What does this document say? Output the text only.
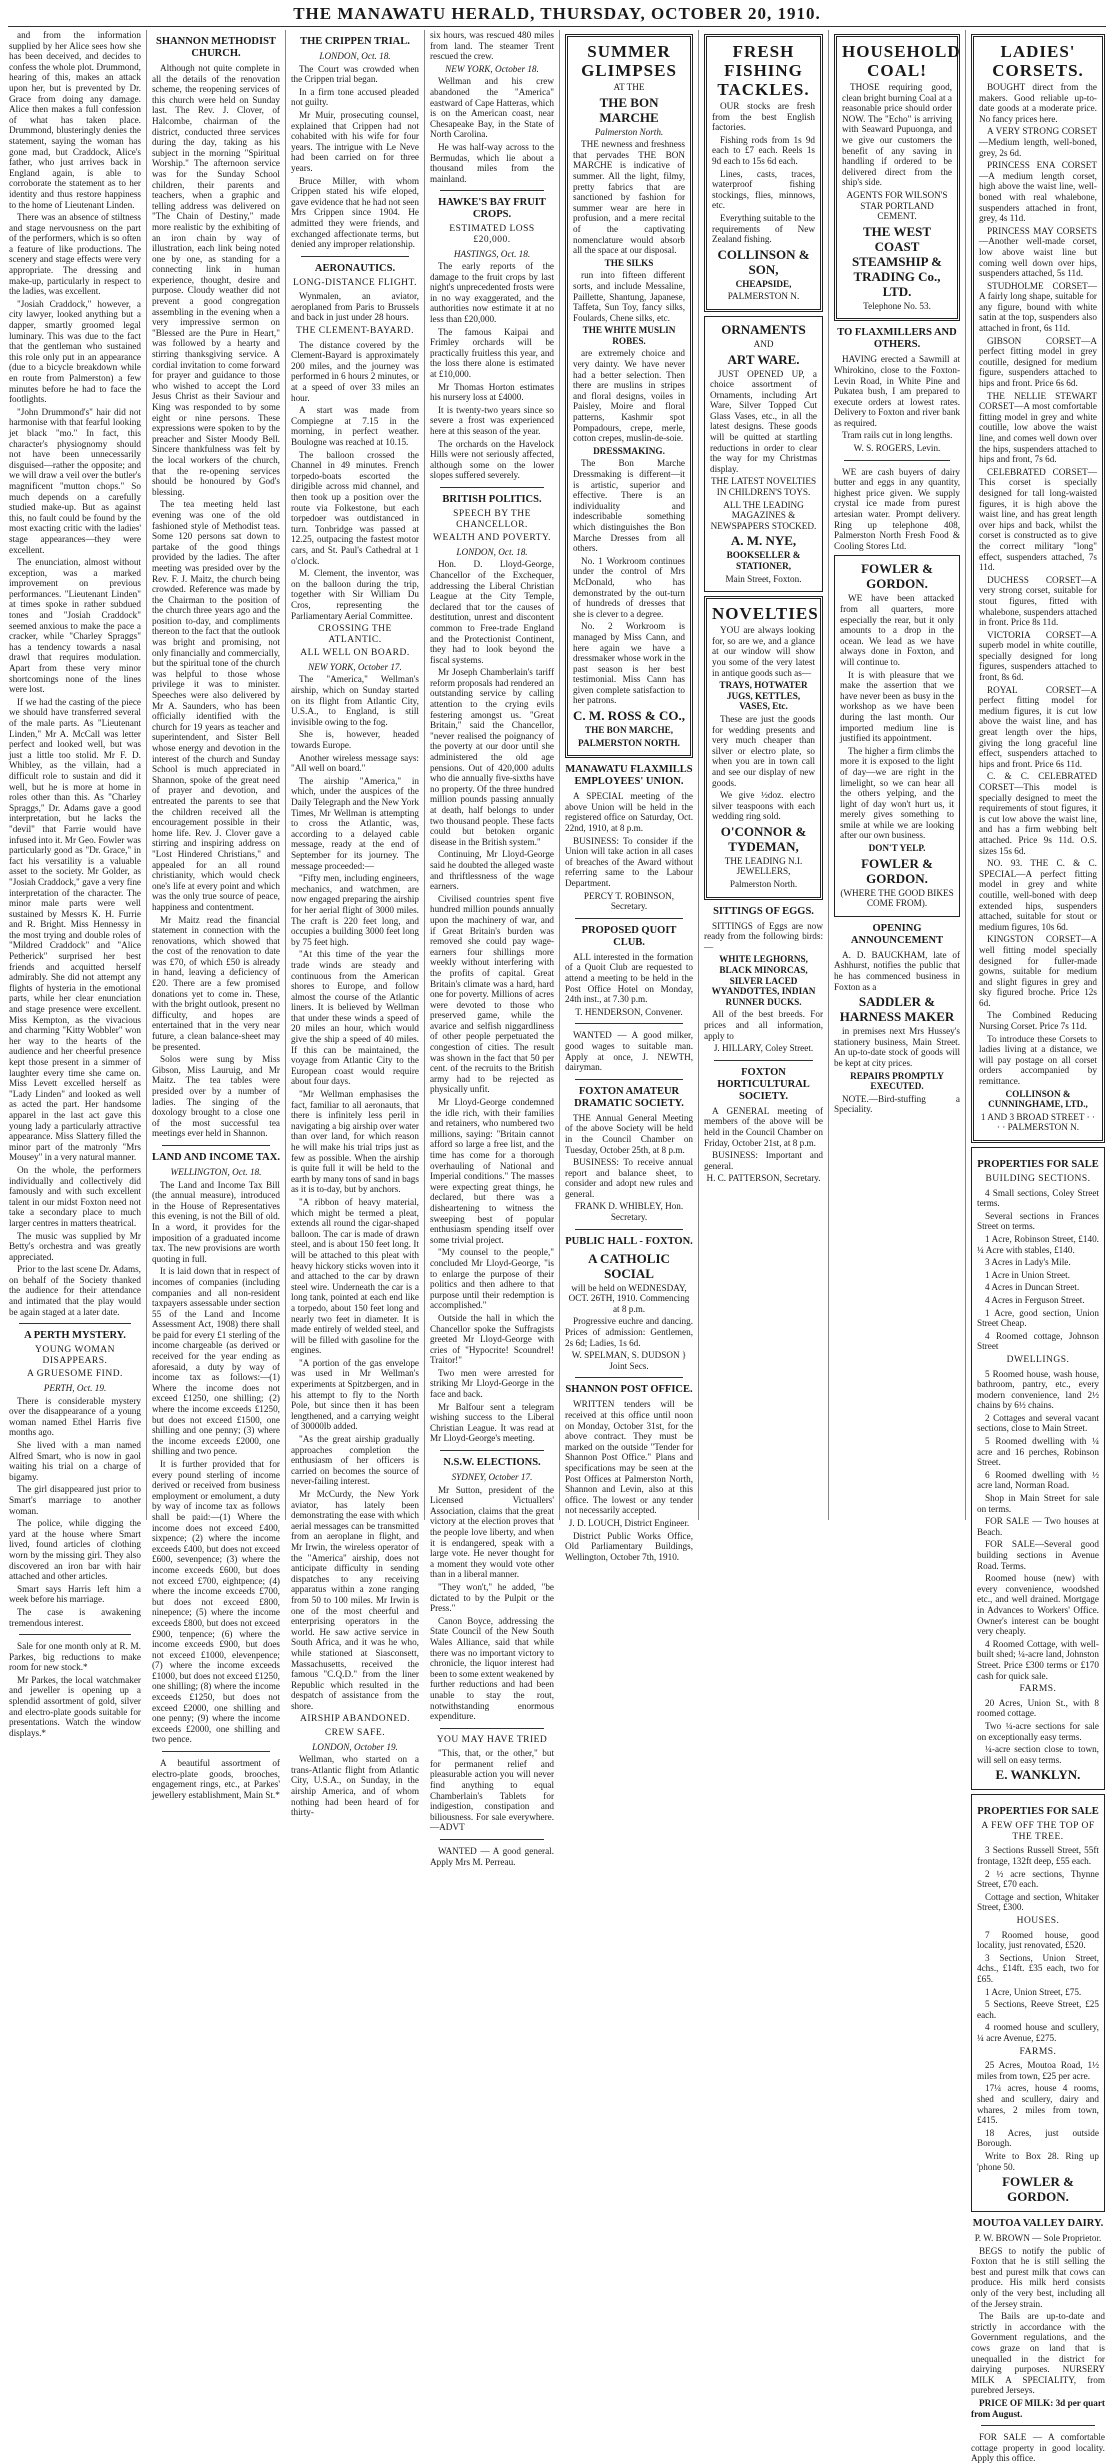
THE MANAWATU HERALD, THURSDAY, OCTOBER 20, 1910.

and from the information supplied by her Alice sees how she has been deceived, and decides to confess the whole plot. Drummond, hearing of this, makes an attack upon her, but is prevented by Dr. Grace from doing any damage. Alice then makes a full confession of what has taken place. Drummond, blusteringly denies the statement, saying the woman has gone mad, but Craddock, Alice's father, who just arrives back in England again, is able to corroborate the statement as to her identity and thus restore happiness to the home of Lieutenant Linden.

There was an absence of stiltness and stage nervousness on the part of the performers, which is so often a feature of like productions. The scenery and stage effects were very appropriate. The dressing and make-up, particularly in respect to the ladies, was excellent.

"Josiah Craddock," however, a city lawyer, looked anything but a dapper, smartly groomed legal luminary. This was due to the fact that the gentleman who sustained this role only put in an appearance (due to a bicycle breakdown while en route from Palmerston) a few minutes before he had to face the footlights.

"John Drummond's" hair did not harmonise with that fearful looking jet black "mo." In fact, this character's physiognomy should not have been unnecessarily disguised—rather the opposite; and we will draw a veil over the butler's magnificent "mutton chops." So much depends on a carefully studied make-up. But as against this, no fault could be found by the most exacting critic with the ladies' stage appearances—they were excellent.

The enunciation, almost without exception, was a marked improvement on previous performances. "Lieutenant Linden" at times spoke in rather subdued tones and "Josiah Craddock" seemed anxious to make the pace a cracker, while "Charley Spraggs" has a tendency towards a nasal drawl that requires modulation. Apart from these very minor shortcomings none of the lines were lost.

If we had the casting of the piece we should have transferred several of the male parts. As "Lieutenant Linden," Mr A. McCall was letter perfect and looked well, but was just a little too stolid. Mr F. D. Whibley, as the villain, had a difficult role to sustain and did it well, but he is more at home in roles other than this. As "Charley Spraggs," Dr. Adams gave a good interpretation, but he lacks the "devil" that Farrie would have infused into it. Mr Geo. Fowler was particularly good as "Dr. Grace," in fact his versatility is a valuable asset to the society. Mr Golder, as "Josiah Craddock," gave a very fine interpretation of the character. The minor male parts were well sustained by Messrs K. H. Furrie and R. Bright. Miss Hennessy in the most trying and double roles of "Mildred Craddock" and "Alice Petherick" surprised her best friends and acquitted herself admirably. She did not attempt any flights of hysteria in the emotional parts, while her clear enunciation and stage presence were excellent. Miss Kempton, as the vivacious and charming "Kitty Wobbler" won her way to the hearts of the audience and her cheerful presence kept those present in a simmer of laughter every time she came on. Miss Levett excelled herself as "Lady Linden" and looked as well as acted the part. Her handsome apparel in the last act gave this young lady a particularly attractive appearance. Miss Slattery filled the minor part of the matronly "Mrs Mousey" in a very natural manner.

On the whole, the performers individually and collectively did famously and with such excellent talent in our midst Foxton need not take a secondary place to much larger centres in matters theatrical.

The music was supplied by Mr Betty's orchestra and was greatly appreciated.

Prior to the last scene Dr. Adams, on behalf of the Society thanked the audience for their attendance and intimated that the play would be again staged at a later date.

A PERTH MYSTERY.

YOUNG WOMAN DISAPPEARS.

A GRUESOME FIND.

PERTH, Oct. 19.

There is considerable mystery over the disappearance of a young woman named Ethel Harris five months ago.

She lived with a man named Alfred Smart, who is now in gaol waiting his trial on a charge of bigamy.

The girl disappeared just prior to Smart's marriage to another woman.

The police, while digging the yard at the house where Smart lived, found articles of clothing worn by the missing girl. They also discovered an iron bar with hair attached and other articles.

Smart says Harris left him a week before his marriage.

The case is awakening tremendous interest.

Sale for one month only at R. M. Parkes, big reductions to make room for new stock.*

Mr Parkes, the local watchmaker and jeweller is opening up a splendid assortment of gold, silver and electro-plate goods suitable for presentations. Watch the window displays.*

SHANNON METHODIST CHURCH.

Although not quite complete in all the details of the renovation scheme, the reopening services of this church were held on Sunday last. The Rev. J. Clover, of Halcombe, chairman of the district, conducted three services during the day, taking as his subject in the morning "Spiritual Worship." The afternoon service was for the Sunday School children, their parents and teachers, when a graphic and telling address was delivered on "The Chain of Destiny," made more realistic by the exhibiting of an iron chain by way of illustration, each link being noted one by one, as standing for a connecting link in human experience, thought, desire and purpose. Cloudy weather did not prevent a good congregation assembling in the evening when a very impressive sermon on "Blessed are the Pure in Heart," was followed by a hearty and stirring thanksgiving service. A cordial invitation to come forward for prayer and guidance to those who wished to accept the Lord Jesus Christ as their Saviour and King was responded to by some eight or nine persons. These expressions were spoken to by the preacher and Sister Moody Bell. Sincere thankfulness was felt by the local workers of the church, that the re-opening services should be honoured by God's blessing.

The tea meeting held last evening was one of the old fashioned style of Methodist teas. Some 120 persons sat down to partake of the good things provided by the ladies. The after meeting was presided over by the Rev. F. J. Maitz, the church being crowded. Reference was made by the Chairman to the position of the church three years ago and the position to-day, and compliments thereon to the fact that the outlook was bright and promising, not only financially and commercially, but the spiritual tone of the church was helpful to those whose privilege it was to minister. Speeches were also delivered by Mr A. Saunders, who has been officially identified with the church for 19 years as teacher and superintendent, and Sister Bell whose energy and devotion in the interest of the church and Sunday School is much appreciated in Shannon, spoke of the great need of prayer and devotion, and entreated the parents to see that the children received all the encouragement possible in their home life. Rev. J. Clover gave a stirring and inspiring address on "Lost Hindered Christians," and appealed for an all round christianity, which would check one's life at every point and which was the only true source of peace, happiness and contentment.

Mr Maitz read the financial statement in connection with the renovations, which showed that the cost of the renovation to date was £70, of which £50 is already in hand, leaving a deficiency of £20. There are a few promised donations yet to come in. These, with the bright outlook, present no difficulty, and hopes are entertained that in the very near future, a clean balance-sheet may be presented.

Solos were sung by Miss Gibson, Miss Lauruig, and Mr Maitz. The tea tables were presided over by a number of ladies. The singing of the doxology brought to a close one of the most successful tea meetings ever held in Shannon.

LAND AND INCOME TAX.

WELLINGTON, Oct. 18.

The Land and Income Tax Bill (the annual measure), introduced in the House of Representatives this evening, is not the Bill of old. In a word, it provides for the imposition of a graduated income tax. The new provisions are worth quoting in full.

It is laid down that in respect of incomes of companies (including companies and all non-resident taxpayers assessable under section 55 of the Land and Income Assessment Act, 1908) there shall be paid for every £1 sterling of the income chargeable (as derived or received for the year ending as aforesaid, a duty by way of income tax as follows:—(1) Where the income does not exceed £1250, one shilling; (2) where the income exceeds £1250, but does not exceed £1500, one shilling and one penny; (3) where the income exceeds £2000, one shilling and two pence.

It is further provided that for every pound sterling of income derived or received from business employment or emolument, a duty by way of income tax as follows shall be paid:—(1) Where the income does not exceed £400, sixpence; (2) where the income exceeds £400, but does not exceed £600, sevenpence; (3) where the income exceeds £600, but does not exceed £700, eightpence; (4) where the income exceeds £700, but does not exceed £800, ninepence; (5) where the income exceeds £800, but does not exceed £900, tenpence; (6) where the income exceeds £900, but does not exceed £1000, elevenpence; (7) where the income exceeds £1000, but does not exceed £1250, one shilling; (8) where the income exceeds £1250, but does not exceed £2000, one shilling and one penny; (9) where the income exceeds £2000, one shilling and two pence.

A beautiful assortment of electro-plate goods, brooches, engagement rings, etc., at Parkes' jewellery establishment, Main St.*

THE CRIPPEN TRIAL.

LONDON, Oct. 18.

The Court was crowded when the Crippen trial began.

In a firm tone accused pleaded not guilty.

Mr Muir, prosecuting counsel, explained that Crippen had not cohabited with his wife for four years. The intrigue with Le Neve had been carried on for three years.

Bruce Miller, with whom Crippen stated his wife eloped, gave evidence that he had not seen Mrs Crippen since 1904. He admitted they were friends, and exchanged affectionate terms, but denied any improper relationship.

AERONAUTICS.

LONG-DISTANCE FLIGHT.

Wynmalen, an aviator, aeroplaned from Paris to Brussels and back in just under 28 hours.

THE CLEMENT-BAYARD.

The distance covered by the Clement-Bayard is approximately 200 miles, and the journey was performed in 6 hours 2 minutes, or at a speed of over 33 miles an hour.

A start was made from Compiegne at 7.15 in the morning, in perfect weather. Boulogne was reached at 10.15.

The balloon crossed the Channel in 49 minutes. French torpedo-boats escorted the dirigible across mid channel, and then took up a position over the route via Folkestone, but each torpedoer was outdistanced in turn. Tonbridge was passed at 12.25, outpacing the fastest motor cars, and St. Paul's Cathedral at 1 o'clock.

M. Clement, the inventor, was on the balloon during the trip, together with Sir William Du Cros, representing the Parliamentary Aerial Committee.

CROSSING THE ATLANTIC.

ALL WELL ON BOARD.

NEW YORK, October 17.

The "America," Wellman's airship, which on Sunday started on its flight from Atlantic City, U.S.A., to England, is still invisible owing to the fog.

She is, however, headed towards Europe.

Another wireless message says: "All well on board."

The airship "America," in which, under the auspices of the Daily Telegraph and the New York Times, Mr Wellman is attempting to cross the Atlantic, was, according to a delayed cable message, ready at the end of September for its journey. The message proceeded:—

"Fifty men, including engineers, mechanics, and watchmen, are now engaged preparing the airship for her aerial flight of 3000 miles. The craft is 220 feet long, and occupies a building 3000 feet long by 75 feet high.

"At this time of the year the trade winds are steady and continuous from the American shores to Europe, and follow almost the course of the Atlantic liners. It is believed by Wellman that under these winds a speed of 20 miles an hour, which would give the ship a speed of 40 miles. If this can be maintained, the voyage from Atlantic City to the European coast would require about four days.

"Mr Wellman emphasises the fact, familiar to all aeronauts, that there is infinitely less peril in navigating a big airship over water than over land, for which reason he will make his trial trips just as few as possible. When the airship is quite full it will be held to the earth by many tons of sand in bags as it is to-day, but by anchors.

"A ribbon of heavy material, which might be termed a pleat, extends all round the cigar-shaped balloon. The car is made of drawn steel, and is about 150 feet long. It will be attached to this pleat with heavy hickory sticks woven into it and attached to the car by drawn steel wire. Underneath the car is a long tank, pointed at each end like a torpedo, about 150 feet long and nearly two feet in diameter. It is made entirely of welded steel, and will be filled with gasoline for the engines.

"A portion of the gas envelope was used in Mr Wellman's experiments at Spitzbergen, and in his attempt to fly to the North Pole, but since then it has been lengthened, and a carrying weight of 30000lb added.

"As the great airship gradually approaches completion the enthusiasm of her officers is carried on becomes the source of never-failing interest.

Mr McCurdy, the New York aviator, has lately been demonstrating the ease with which aerial messages can be transmitted from an aeroplane in flight, and Mr Irwin, the wireless operator of the "America" airship, does not anticipate difficulty in sending dispatches to any receiving apparatus within a zone ranging from 50 to 100 miles. Mr Irwin is one of the most cheerful and enterprising operators in the world. He saw active service in South Africa, and it was he who, while stationed at Siasconsett, Massachusetts, received the famous "C.Q.D." from the liner Republic which resulted in the despatch of assistance from the shore.

AIRSHIP ABANDONED.

CREW SAFE.

LONDON, October 19.

Wellman, who started on a trans-Atlantic flight from Atlantic City, U.S.A., on Sunday, in the airship America, and of whom nothing had been heard of for thirty-

six hours, was rescued 480 miles from land. The steamer Trent rescued the crew.

NEW YORK, October 18.

Wellman and his crew abandoned the "America" eastward of Cape Hatteras, which is on the American coast, near Chesapeake Bay, in the State of North Carolina.

He was half-way across to the Bermudas, which lie about a thousand miles from the mainland.

HAWKE'S BAY FRUIT CROPS.

ESTIMATED LOSS £20,000.

HASTINGS, Oct. 18.

The early reports of the damage to the fruit crops by last night's unprecedented frosts were in no way exaggerated, and the authorities now estimate it at no less than £20,000.

The famous Kaipai and Frimley orchards will be practically fruitless this year, and the loss there alone is estimated at £10,000.

Mr Thomas Horton estimates his nursery loss at £4000.

It is twenty-two years since so severe a frost was experienced here at this season of the year.

The orchards on the Havelock Hills were not seriously affected, although some on the lower slopes suffered severely.

BRITISH POLITICS.

SPEECH BY THE CHANCELLOR.

WEALTH AND POVERTY.

LONDON, Oct. 18.

Hon. D. Lloyd-George, Chancellor of the Exchequer, addressing the Liberal Christian League at the City Temple, declared that tor the causes of destitution, unrest and discontent common to Free-trade England and the Protectionist Continent, they had to look beyond the fiscal systems.

Mr Joseph Chamberlain's tariff reform proposals had rendered an outstanding service by calling attention to the crying evils festering amongst us. "Great Britain," said the Chancellor, "never realised the poignancy of the poverty at our door until she administered the old age pensions. Out of 420,000 adults who die annually five-sixths have no property. Of the three hundred million pounds passing annually at death, half belongs to under two thousand people. These facts could but betoken organic disease in the British system."

Continuing, Mr Lloyd-George said he doubted the alleged waste and thriftlessness of the wage earners.

Civilised countries spent five hundred million pounds annually upon the machinery of war, and if Great Britain's burden was removed she could pay wage-earners four shillings more weekly without interfering with the profits of capital. Great Britain's climate was a hard, hard one for poverty. Millions of acres were devoted to those who preserved game, while the avarice and selfish niggardliness of other people perpetuated the congestion of cities. The result was shown in the fact that 50 per cent. of the recruits to the British army had to be rejected as physically unfit.

Mr Lloyd-George condemned the idle rich, with their families and retainers, who numbered two millions, saying: "Britain cannot afford so large a free list, and the time has come for a thorough overhauling of National and Imperial conditions." The masses were expecting great things, he declared, but there was a disheartening to witness the sweeping best of popular enthusiasm spending itself over some trivial project.

"My counsel to the people," concluded Mr Lloyd-George, "is to enlarge the purpose of their politics and then adhere to that purpose until their redemption is accomplished."

Outside the hall in which the Chancellor spoke the Suffragists greeted Mr Lloyd-George with cries of "Hypocrite! Scoundrel! Traitor!"

Two men were arrested for striking Mr Lloyd-George in the face and back.

Mr Balfour sent a telegram wishing success to the Liberal Christian League. It was read at Mr Lloyd-George's meeting.

N.S.W. ELECTIONS.

SYDNEY, October 17.

Mr Sutton, president of the Licensed Victuallers' Association, claims that the great victory at the election proves that the people love liberty, and when it is endangered, speak with a large vote. He never thought for a moment they would vote other than in a liberal manner.

"They won't," he added, "be dictated to by the Pulpit or the Press."

Canon Boyce, addressing the State Council of the New South Wales Alliance, said that while there was no important victory to chronicle, the liquor interest had been to some extent weakened by further reductions and had been unable to stay the rout, notwithstanding enormous expenditure.

YOU MAY HAVE TRIED

"This, that, or the other," but for permanent relief and pleasurable action you will never find anything to equal Chamberlain's Tablets for indigestion, constipation and biliousness. For sale everywhere.—ADVT

WANTED — A good general. Apply Mrs M. Perreau.

SUMMER GLIMPSES

AT THE

THE BON MARCHE

Palmerston North.

THE newness and freshness that pervades THE BON MARCHE is indicative of summer. All the light, filmy, pretty fabrics that are sanctioned by fashion for summer wear are here in profusion, and a mere recital of the captivating nomenclature would absorb all the space at our disposal.

THE SILKS

run into fifteen different sorts, and include Messaline, Paillette, Shantung, Japanese, Taffeta, Sun Toy, fancy silks, Foulards, Chene silks, etc.

THE WHITE MUSLIN ROBES.

are extremely choice and very dainty. We have never had a better selection. Then there are muslins in stripes and floral designs, voiles in Paisley, Moire and floral patterns, Kashmir spot Pompadours, crepe, merle, cotton crepes, muslin-de-soie.

DRESSMAKING.

The Bon Marche Dressmaking is different—it is artistic, superior and effective. There is an individuality and indescribable something which distinguishes the Bon Marche Dresses from all others.

No. 1 Workroom continues under the control of Mrs McDonald, who has demonstrated by the out-turn of hundreds of dresses that she is clever to a degree.

No. 2 Workroom is managed by Miss Cann, and here again we have a dressmaker whose work in the past season is her best testimonial. Miss Cann has given complete satisfaction to her patrons.

C. M. ROSS & CO.,

THE BON MARCHE,

PALMERSTON NORTH.

MANAWATU FLAXMILLS EMPLOYEES' UNION.

A SPECIAL meeting of the above Union will be held in the registered office on Saturday, Oct. 22nd, 1910, at 8 p.m.

BUSINESS: To consider if the Union will take action in all cases of breaches of the Award without referring same to the Labour Department.

PERCY T. ROBINSON, Secretary.

PROPOSED QUOIT CLUB.

ALL interested in the formation of a Quoit Club are requested to attend a meeting to be held in the Post Office Hotel on Monday, 24th inst., at 7.30 p.m.

T. HENDERSON, Convener.

WANTED — A good milker, good wages to suitable man. Apply at once, J. NEWTH, dairyman.

FOXTON AMATEUR DRAMATIC SOCIETY.

THE Annual General Meeting of the above Society will be held in the Council Chamber on Tuesday, October 25th, at 8 p.m.

BUSINESS: To receive annual report and balance sheet, to consider and adopt new rules and general.

FRANK D. WHIBLEY, Hon. Secretary.

PUBLIC HALL - FOXTON.

A CATHOLIC SOCIAL

will be held on WEDNESDAY, OCT. 26TH, 1910. Commencing at 8 p.m.

Progressive euchre and dancing. Prices of admission: Gentlemen, 2s 6d; Ladies, 1s 6d.

W. SPELMAN, S. DUDSON } Joint Secs.

SHANNON POST OFFICE.

WRITTEN tenders will be received at this office until noon on Monday, October 31st, for the above contract. They must be marked on the outside "Tender for Shannon Post Office." Plans and specifications may be seen at the Post Offices at Palmerston North, Shannon and Levin, also at this office. The lowest or any tender not necessarily accepted.

J. D. LOUCH, District Engineer.

District Public Works Office, Old Parliamentary Buildings, Wellington, October 7th, 1910.

FRESH FISHING TACKLES.

OUR stocks are fresh from the best English factories.

Fishing rods from 1s 9d each to £7 each. Reels 1s 9d each to 15s 6d each.

Lines, casts, traces, waterproof fishing stockings, flies, minnows, etc.

Everything suitable to the requirements of New Zealand fishing.

COLLINSON & SON,

CHEAPSIDE,

PALMERSTON N.

ORNAMENTS

AND

ART WARE.

JUST OPENED UP, a choice assortment of Ornaments, including Art Ware, Silver Topped Cut Glass Vases, etc., in all the latest designs. These goods will be quitted at startling reductions in order to clear the way for my Christmas display.

THE LATEST NOVELTIES IN CHILDREN'S TOYS.

ALL THE LEADING MAGAZINES & NEWSPAPERS STOCKED.

A. M. NYE,

BOOKSELLER & STATIONER,

Main Street, Foxton.

NOVELTIES

YOU are always looking for, so are we, and a glance at our window will show you some of the very latest in antique goods such as—

TRAYS, HOTWATER JUGS, KETTLES, VASES, Etc.

These are just the goods for wedding presents and very much cheaper than silver or electro plate, so when you are in town call and see our display of new goods.

We give ½doz. electro silver teaspoons with each wedding ring sold.

O'CONNOR & TYDEMAN,

THE LEADING N.I. JEWELLERS,

Palmerston North.

SITTINGS OF EGGS.

SITTINGS of Eggs are now ready from the following birds:—

WHITE LEGHORNS, BLACK MINORCAS, SILVER LACED WYANDOTTES, INDIAN RUNNER DUCKS.

All of the best breeds. For prices and all information, apply to

J. HILLARY, Coley Street.

FOXTON HORTICULTURAL SOCIETY.

A GENERAL meeting of members of the above will be held in the Council Chamber on Friday, October 21st, at 8 p.m.

BUSINESS: Important and general.

H. C. PATTERSON, Secretary.

HOUSEHOLD COAL!

THOSE requiring good, clean bright burning Coal at a reasonable price should order NOW. The "Echo" is arriving with Seaward Pupuonga, and we give our customers the benefit of any saving in handling if ordered to be delivered direct from the ship's side.

AGENTS FOR WILSON'S STAR PORTLAND CEMENT.

THE WEST COAST STEAMSHIP & TRADING Co., LTD.

Telephone No. 53.

TO FLAXMILLERS AND OTHERS.

HAVING erected a Sawmill at Whirokino, close to the Foxton-Levin Road, in White Pine and Pukatea bush, I am prepared to execute orders at lowest rates. Delivery to Foxton and river bank as required.

Tram rails cut in long lengths.

W. S. ROGERS, Levin.

WE are cash buyers of dairy butter and eggs in any quantity, highest price given. We supply crystal ice made from purest artesian water. Prompt delivery. Ring up telephone 408, Palmerston North Fresh Food & Cooling Stores Ltd.

FOWLER & GORDON.

WE have been attacked from all quarters, more especially the rear, but it only amounts to a drop in the ocean. We lead as we have always done in Foxton, and will continue to.

It is with pleasure that we make the assertion that we have never been as busy in the workshop as we have been during the last month. Our imported medium line is justified its appointment.

The higher a firm climbs the more it is exposed to the light of day—we are right in the limelight, so we can hear all the others yelping, and the light of day won't hurt us, it merely gives something to smile at while we are looking after our own business.

DON'T YELP.

FOWLER & GORDON.

(WHERE THE GOOD BIKES COME FROM).

OPENING ANNOUNCEMENT

A. D. BAUCKHAM, late of Ashhurst, notifies the public that he has commenced business in Foxton as a

SADDLER & HARNESS MAKER

in premises next Mrs Hussey's stationery business, Main Street. An up-to-date stock of goods will be kept at city prices.

REPAIRS PROMPTLY EXECUTED.

NOTE.—Bird-stuffing a Speciality.

LADIES' CORSETS.

BOUGHT direct from the makers. Good reliable up-to-date goods at a moderate price. No fancy prices here.

A VERY STRONG CORSET—Medium length, well-boned, grey, 2s 6d.

PRINCESS ENA CORSET—A medium length corset, high above the waist line, well-boned with real whalebone, suspenders attached in front, grey, 4s 11d.

PRINCESS MAY CORSETS—Another well-made corset, low above waist line but coming well down over hips, suspenders attached, 5s 11d.

STUDHOLME CORSET—A fairly long shape, suitable for any figure, bound with white satin at the top, suspenders also attached in front, 6s 11d.

GIBSON CORSET—A perfect fitting model in grey coutille, designed for medium figure, suspenders attached to hips and front. Price 6s 6d.

THE NELLIE STEWART CORSET—A most comfortable fitting model in grey and white coutille, low above the waist line, and comes well down over the hips, suspenders attached to hips and front, 7s 6d.

CELEBRATED CORSET—This corset is specially designed for tall long-waisted figures, it is high above the waist line, and has great length over hips and back, whilst the corset is constructed as to give the correct military "long" effect, suspenders attached, 7s 11d.

DUCHESS CORSET—A very strong corset, suitable for stout figures, fitted with whalebone, suspenders attached in front. Price 8s 11d.

VICTORIA CORSET—A superb model in white coutille, specially designed for long figures, suspenders attached to front, 8s 6d.

ROYAL CORSET—A perfect fitting model for medium figures, it is cut low above the waist line, and has great length over the hips, giving the long graceful line effect, suspenders attached to hips and front. Price 6s 11d.

C. & C. CELEBRATED CORSET—This model is specially designed to meet the requirements of stout figures, it is cut low above the waist line, and has a firm webbing belt attached. Price 9s 11d. O.S. sizes 15s 6d.

NO. 93. THE C. & C. SPECIAL—A perfect fitting model in grey and white coutille, well-boned with deep extended hips, suspenders attached, suitable for stout or medium figures, 10s 6d.

KINGSTON CORSET—A well fitting model specially designed for fuller-made gowns, suitable for medium and slight figures in grey and sky figured broche. Price 12s 6d.

The Combined Reducing Nursing Corset. Price 7s 11d.

To introduce these Corsets to ladies living at a distance, we will pay postage on all corset orders accompanied by remittance.

COLLINSON & CUNNINGHAME, LTD.,

1 AND 3 BROAD STREET · · · · PALMERSTON N.

PROPERTIES FOR SALE

BUILDING SECTIONS.

4 Small sections, Coley Street terms.

Several sections in Frances Street on terms.

1 Acre, Robinson Street, £140. ¼ Acre with stables, £140.

3 Acres in Lady's Mile.

1 Acre in Union Street.

4 Acres in Duncan Street.

4 Acres in Ferguson Street.

1 Acre, good section, Union Street Cheap.

4 Roomed cottage, Johnson Street

DWELLINGS.

5 Roomed house, wash house, bathroom, pantry, etc., every modern convenience, land 2½ chains by 6½ chains.

2 Cottages and several vacant sections, close to Main Street.

5 Roomed dwelling with ¼ acre and 16 perches, Robinson Street.

6 Roomed dwelling with ½ acre land, Norman Road.

Shop in Main Street for sale on terms.

FOR SALE — Two houses at Beach.

FOR SALE—Several good building sections in Avenue Road. Terms.

Roomed house (new) with every convenience, woodshed etc., and well drained. Mortgage in Advances to Workers' Office. Owner's interest can be bought very cheaply.

4 Roomed Cottage, with well-built shed; ¼-acre land, Johnston Street. Price £300 terms or £170 cash for quick sale.

FARMS.

20 Acres, Union St., with 8 roomed cottage.

Two ¼-acre sections for sale on exceptionally easy terms.

¼-acre section close to town, will sell on easy terms.

E. WANKLYN.

PROPERTIES FOR SALE

A FEW OFF THE TOP OF THE TREE.

3 Sections Russell Street, 55ft frontage, 132ft deep, £55 each.

2 ½ acre sections, Thynne Street, £70 each.

Cottage and section, Whitaker Street, £300.

HOUSES.

7 Roomed house, good locality, just renovated, £520.

3 Sections, Union Street, 4chs., £14ft. £35 each, two for £65.

1 Acre, Union Street, £75.

5 Sections, Reeve Street, £25 each.

4 roomed house and scullery, ¼ acre Avenue, £275.

FARMS.

25 Acres, Moutoa Road, 1½ miles from town, £25 per acre.

17¼ acres, house 4 rooms, shed and scullery, dairy and whares, 2 miles from town, £415.

18 Acres, just outside Borough.

Write to Box 28. Ring up 'phone 50.

FOWLER & GORDON.

MOUTOA VALLEY DAIRY.

P. W. BROWN — Sole Proprietor.

BEGS to notify the public of Foxton that he is still selling the best and purest milk that cows can produce. His milk herd consists only of the very best, including all of the Jersey strain.

The Bails are up-to-date and strictly in accordance with the Government regulations, and the cows graze on land that is unequalled in the district for dairying purposes. NURSERY MILK A SPECIALITY, from purebred Jerseys.

PRICE OF MILK: 3d per quart from August.

FOR SALE — A comfortable cottage property in good locality. Apply this office.
